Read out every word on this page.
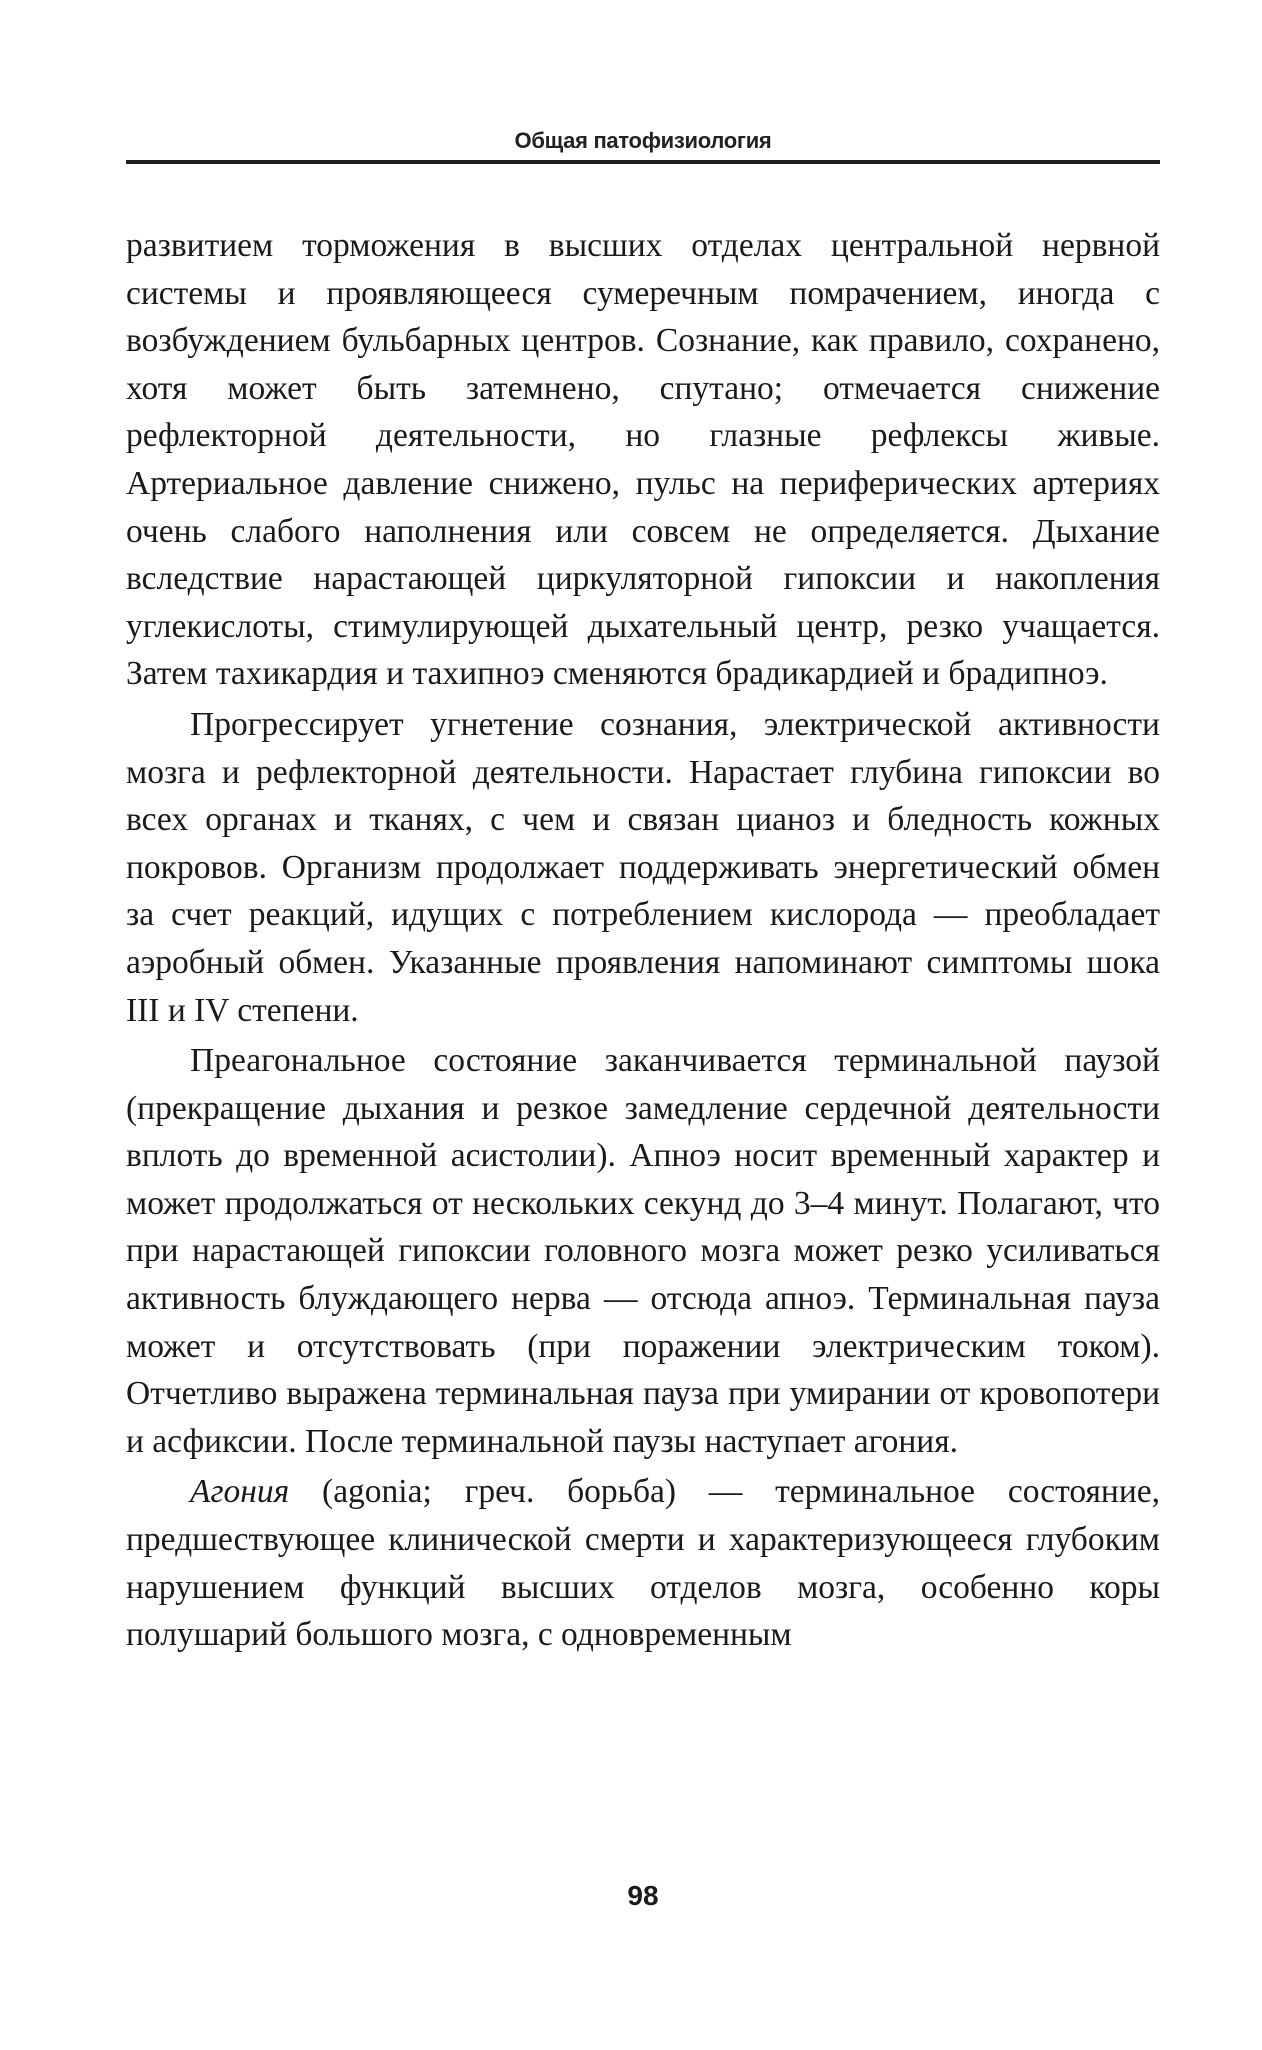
Общая патофизиология

развитием торможения в высших отделах центральной нервной системы и проявляющееся сумеречным помрачением, иногда с возбуждением бульбарных центров. Сознание, как правило, сохранено, хотя может быть затемнено, спутано; отмечается снижение рефлекторной деятельности, но глазные рефлексы живые. Артериальное давление снижено, пульс на периферических артериях очень слабого наполнения или совсем не определяется. Дыхание вследствие нарастающей циркуляторной гипоксии и накопления углекислоты, стимулирующей дыхательный центр, резко учащается. Затем тахикардия и тахипноэ сменяются брадикардией и брадипноэ.

Прогрессирует угнетение сознания, электрической активности мозга и рефлекторной деятельности. Нарастает глубина гипоксии во всех органах и тканях, с чем и связан цианоз и бледность кожных покровов. Организм продолжает поддерживать энергетический обмен за счет реакций, идущих с потреблением кислорода — преобладает аэробный обмен. Указанные проявления напоминают симптомы шока III и IV степени.

Преагональное состояние заканчивается терминальной паузой (прекращение дыхания и резкое замедление сердечной деятельности вплоть до временной асистолии). Апноэ носит временный характер и может продолжаться от нескольких секунд до 3–4 минут. Полагают, что при нарастающей гипоксии головного мозга может резко усиливаться активность блуждающего нерва — отсюда апноэ. Терминальная пауза может и отсутствовать (при поражении электрическим током). Отчетливо выражена терминальная пауза при умирании от кровопотери и асфиксии. После терминальной паузы наступает агония.

Агония (agonia; греч. борьба) — терминальное состояние, предшествующее клинической смерти и характеризующееся глубоким нарушением функций высших отделов мозга, особенно коры полушарий большого мозга, с одновременным

98
